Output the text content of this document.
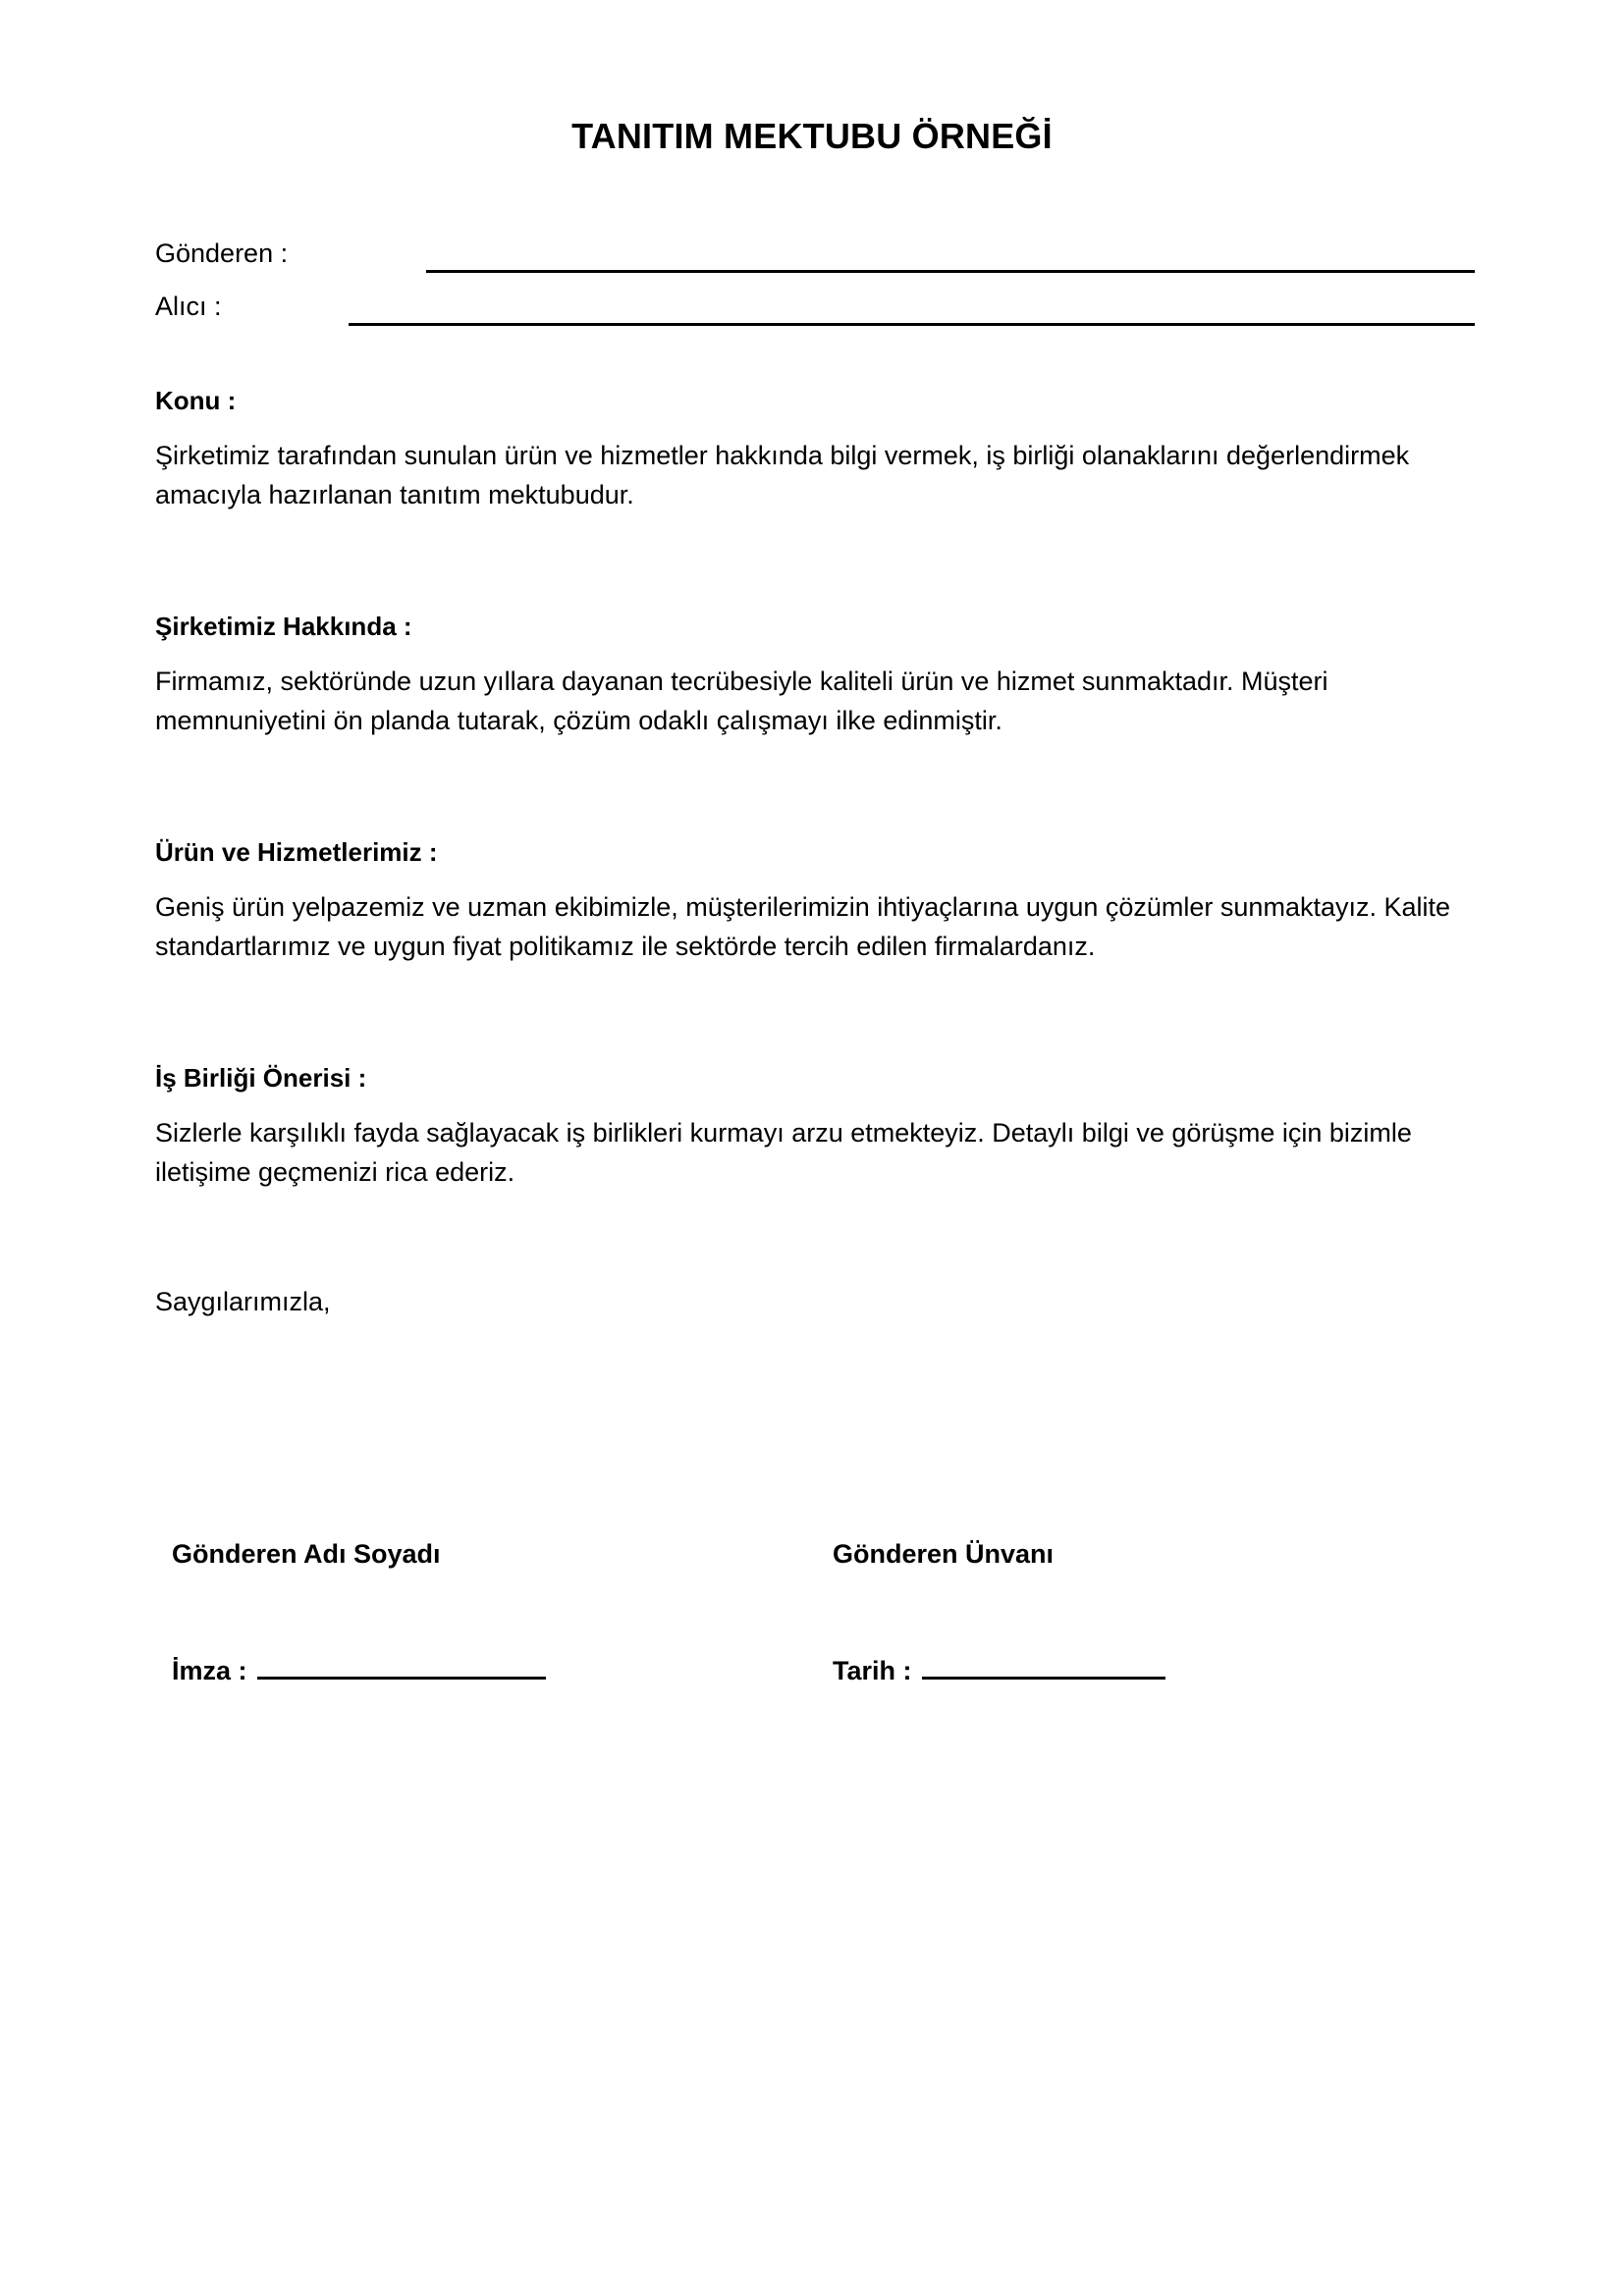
TANITIM MEKTUBU ÖRNEĞİ
Gönderen :
Alıcı :

Konu :

Şirketimiz tarafından sunulan ürün ve hizmetler hakkında bilgi vermek, iş birliği olanaklarını değerlendirmek amacıyla hazırlanan tanıtım mektubudur.

Şirketimiz Hakkında :

Firmamız, sektöründe uzun yıllara dayanan tecrübesiyle kaliteli ürün ve hizmet sunmaktadır. Müşteri memnuniyetini ön planda tutarak, çözüm odaklı çalışmayı ilke edinmiştir.

Ürün ve Hizmetlerimiz :

Geniş ürün yelpazemiz ve uzman ekibimizle, müşterilerimizin ihtiyaçlarına uygun çözümler sunmaktayız. Kalite standartlarımız ve uygun fiyat politikamız ile sektörde tercih edilen firmalardanız.

İş Birliği Önerisi :

Sizlerle karşılıklı fayda sağlayacak iş birlikleri kurmayı arzu etmekteyiz. Detaylı bilgi ve görüşme için bizimle iletişime geçmenizi rica ederiz.

Saygılarımızla,
Gönderen Adı Soyadı	Gönderen Ünvanı
İmza :	Tarih :
